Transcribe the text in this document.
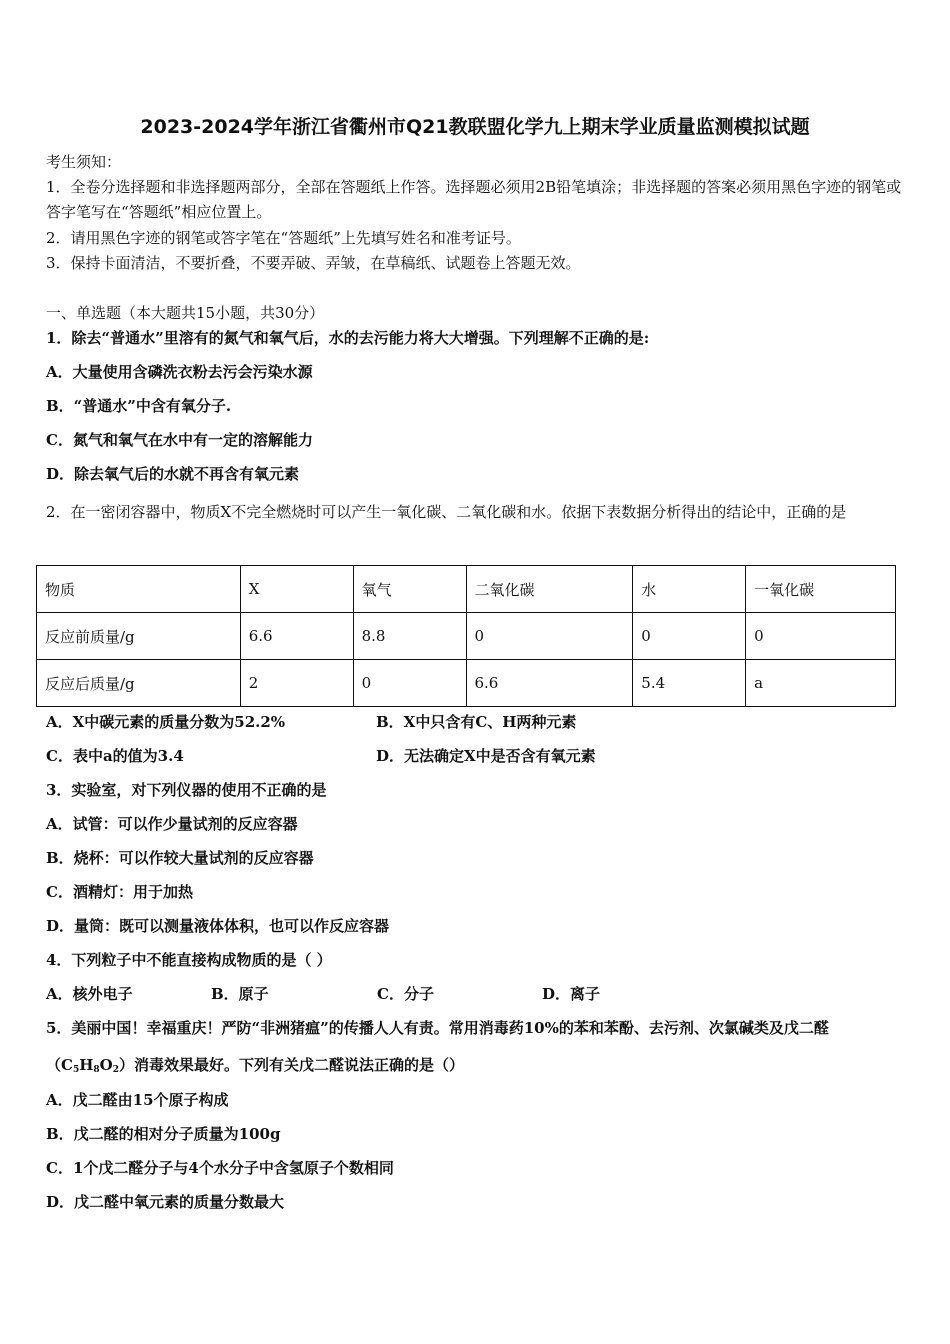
2023-2024学年浙江省衢州市Q21教联盟化学九上期末学业质量监测模拟试题
考生须知：
1．全卷分选择题和非选择题两部分，全部在答题纸上作答。选择题必须用2B铅笔填涂；非选择题的答案必须用黑色字迹的钢笔或答字笔写在“答题纸”相应位置上。
2．请用黑色字迹的钢笔或答字笔在“答题纸”上先填写姓名和准考证号。
3．保持卡面清洁，不要折叠，不要弄破、弄皱，在草稿纸、试题卷上答题无效。
一、单选题（本大题共15小题，共30分）
1．除去“普通水”里溶有的氮气和氧气后，水的去污能力将大大增强。下列理解不正确的是:
A．大量使用含磷洗衣粉去污会污染水源
B．“普通水”中含有氧分子.
C．氮气和氧气在水中有一定的溶解能力
D．除去氧气后的水就不再含有氧元素
2．在一密闭容器中，物质X不完全燃烧时可以产生一氧化碳、二氧化碳和水。依据下表数据分析得出的结论中，正确的是
物质	X	氧气	二氧化碳	水	一氧化碳
反应前质量/g	6.6	8.8	0	0	0
反应后质量/g	2	0	6.6	5.4	a
A．X中碳元素的质量分数为52.2%	B．X中只含有C、H两种元素
C．表中a的值为3.4	D．无法确定X中是否含有氧元素
3．实验室，对下列仪器的使用不正确的是
A．试管：可以作少量试剂的反应容器
B．烧杯：可以作较大量试剂的反应容器
C．酒精灯：用于加热
D．量筒：既可以测量液体体积，也可以作反应容器
4．下列粒子中不能直接构成物质的是（ ）
A．核外电子	B．原子	C．分子	D．离子
5．美丽中国！幸福重庆！严防“非洲猪瘟”的传播人人有责。常用消毒药10%的苯和苯酚、去污剂、次氯碱类及戊二醛
$(C_5H_8O_2)$消毒效果最好。下列有关戊二醛说法正确的是（）
A．戊二醛由15个原子构成
B．戊二醛的相对分子质量为100g
C．1个戊二醛分子与4个水分子中含氢原子个数相同
D．戊二醛中氧元素的质量分数最大
